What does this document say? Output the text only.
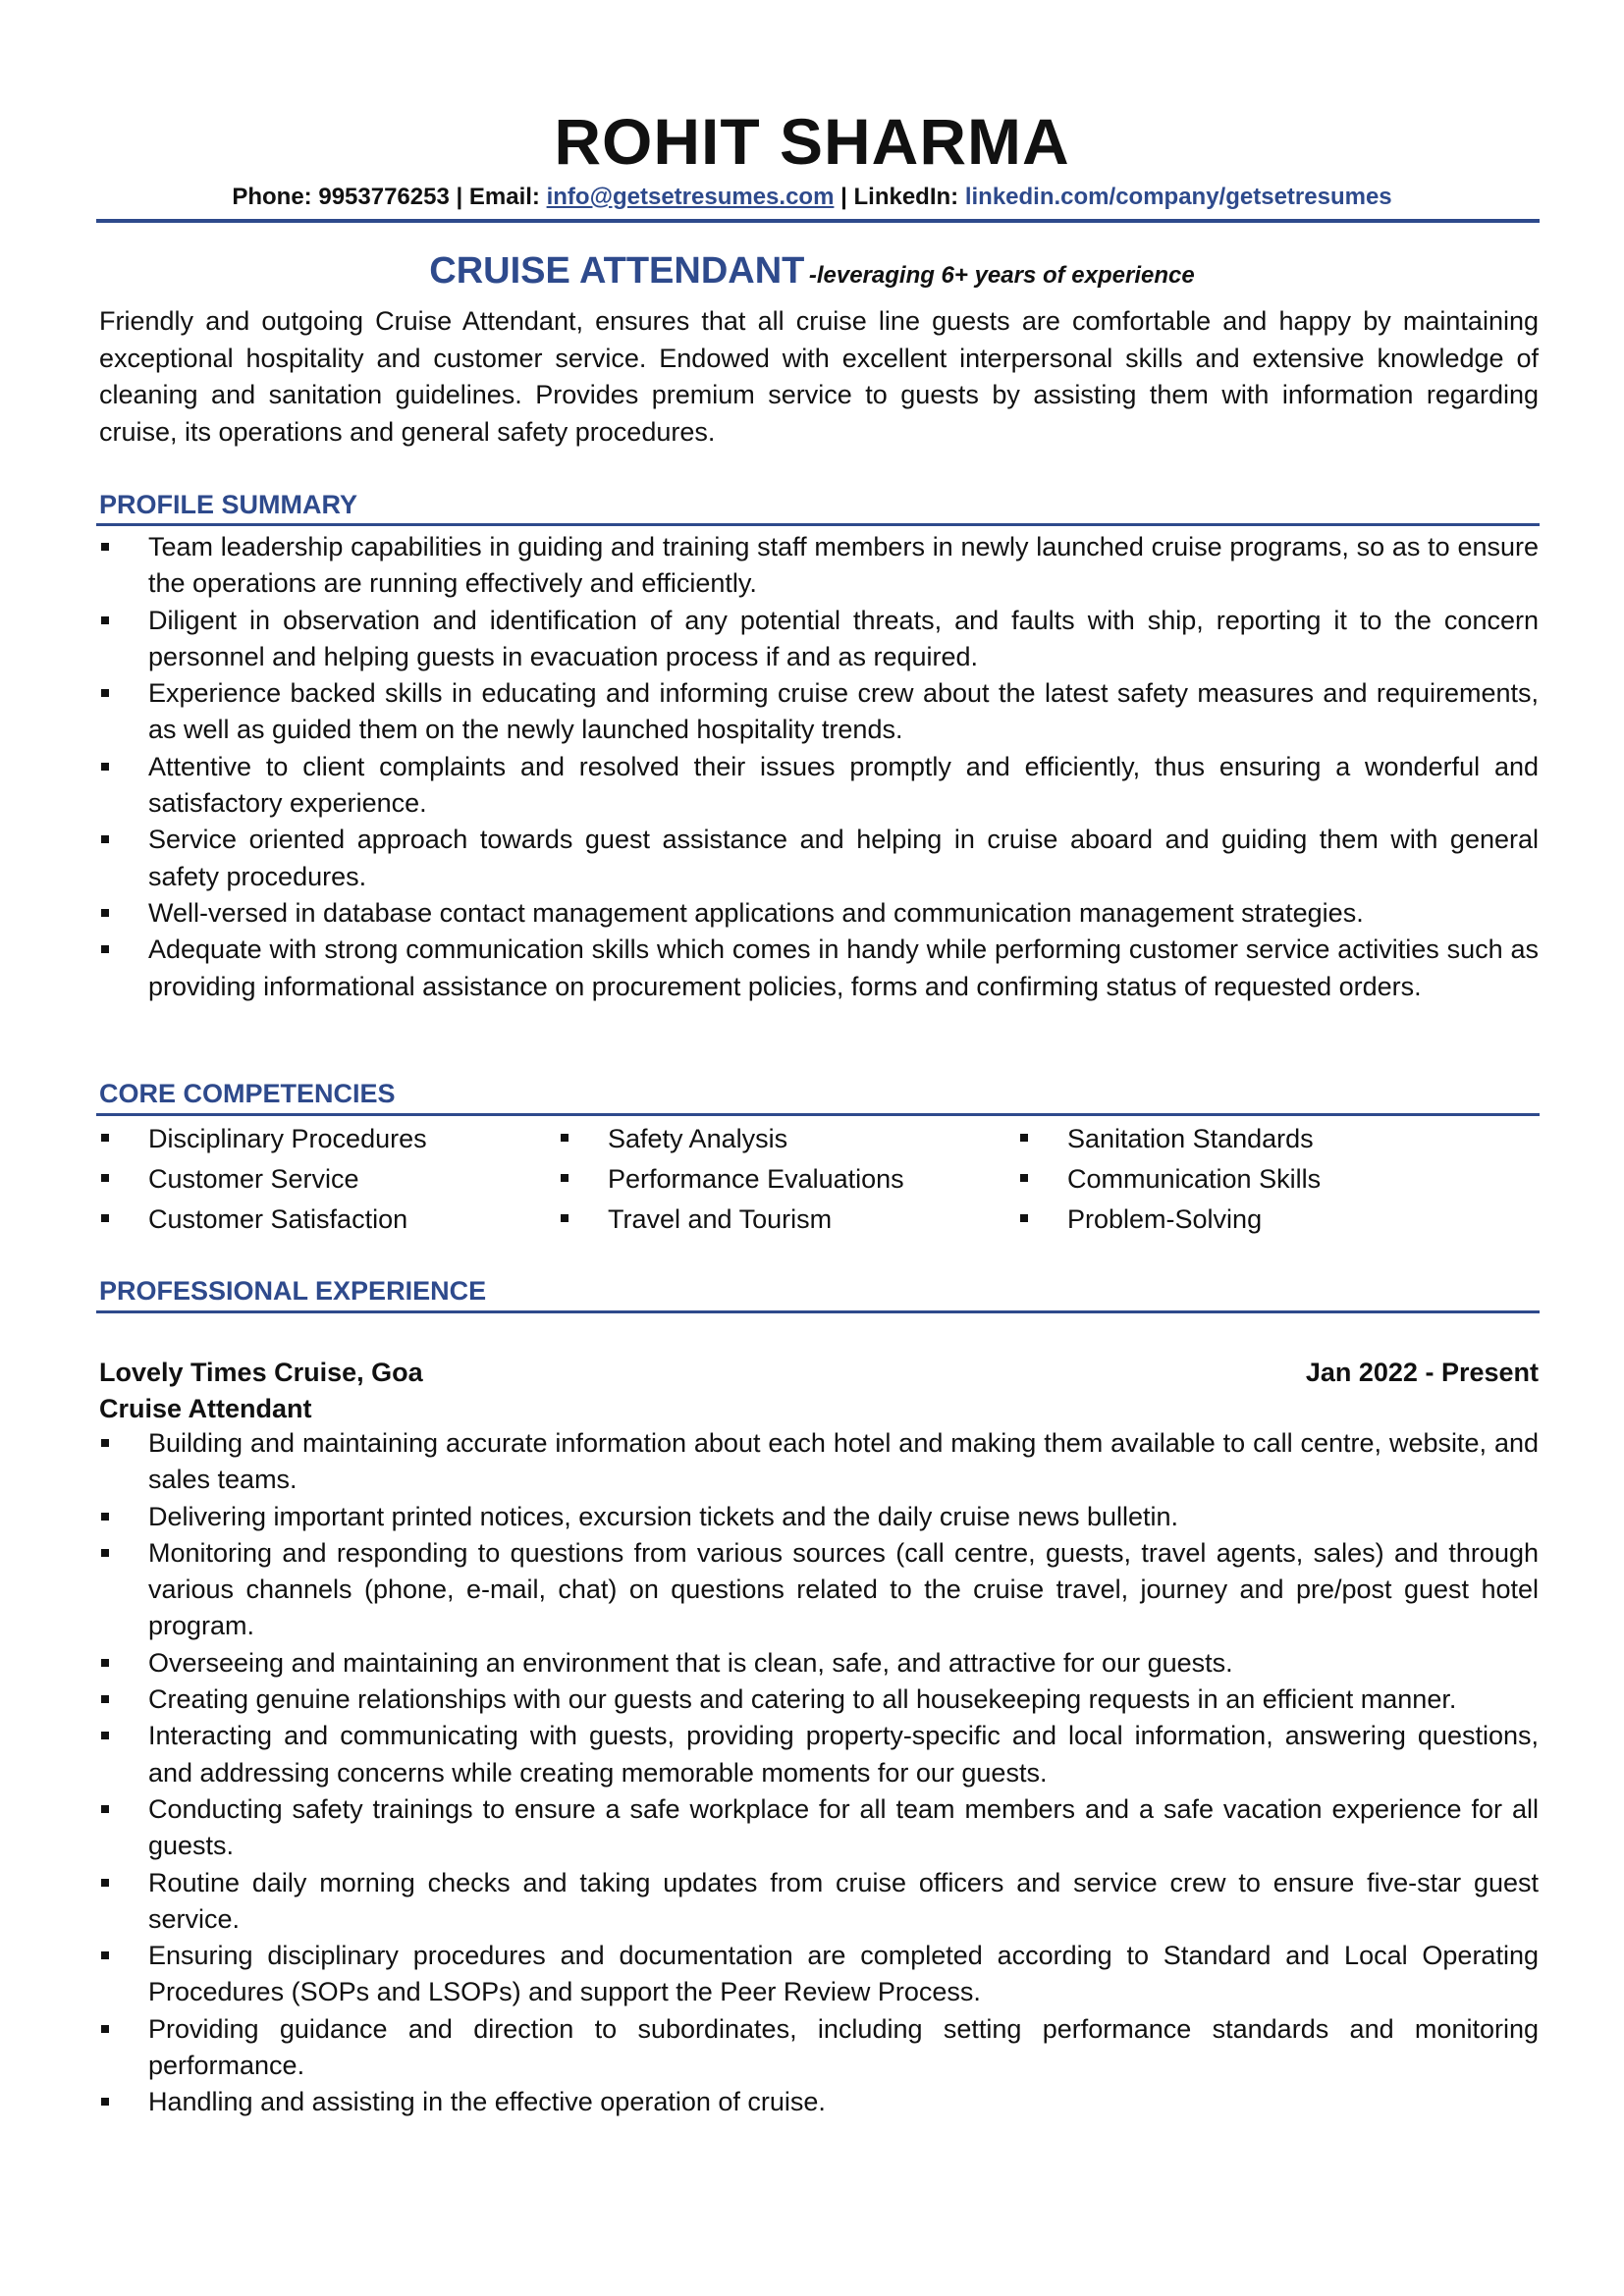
ROHIT SHARMA
Phone: 9953776253 | Email: info@getsetresumes.com | LinkedIn: linkedin.com/company/getsetresumes
CRUISE ATTENDANT -leveraging 6+ years of experience

Friendly and outgoing Cruise Attendant, ensures that all cruise line guests are comfortable and happy by maintaining exceptional hospitality and customer service. Endowed with excellent interpersonal skills and extensive knowledge of cleaning and sanitation guidelines. Provides premium service to guests by assisting them with information regarding cruise, its operations and general safety procedures.

PROFILE SUMMARY
Team leadership capabilities in guiding and training staff members in newly launched cruise programs, so as to ensure the operations are running effectively and efficiently.
Diligent in observation and identification of any potential threats, and faults with ship, reporting it to the concern personnel and helping guests in evacuation process if and as required.
Experience backed skills in educating and informing cruise crew about the latest safety measures and requirements, as well as guided them on the newly launched hospitality trends.
Attentive to client complaints and resolved their issues promptly and efficiently, thus ensuring a wonderful and satisfactory experience.
Service oriented approach towards guest assistance and helping in cruise aboard and guiding them with general safety procedures.
Well-versed in database contact management applications and communication management strategies.
Adequate with strong communication skills which comes in handy while performing customer service activities such as providing informational assistance on procurement policies, forms and confirming status of requested orders.
CORE COMPETENCIES
Disciplinary Procedures	Safety Analysis	Sanitation Standards
Customer Service	Performance Evaluations	Communication Skills
Customer Satisfaction	Travel and Tourism	Problem-Solving
PROFESSIONAL EXPERIENCE
Lovely Times Cruise, Goa	Jan 2022 - Present
Cruise Attendant
Building and maintaining accurate information about each hotel and making them available to call centre, website, and sales teams.
Delivering important printed notices, excursion tickets and the daily cruise news bulletin.
Monitoring and responding to questions from various sources (call centre, guests, travel agents, sales) and through various channels (phone, e-mail, chat) on questions related to the cruise travel, journey and pre/post guest hotel program.
Overseeing and maintaining an environment that is clean, safe, and attractive for our guests.
Creating genuine relationships with our guests and catering to all housekeeping requests in an efficient manner.
Interacting and communicating with guests, providing property-specific and local information, answering questions, and addressing concerns while creating memorable moments for our guests.
Conducting safety trainings to ensure a safe workplace for all team members and a safe vacation experience for all guests.
Routine daily morning checks and taking updates from cruise officers and service crew to ensure five-star guest service.
Ensuring disciplinary procedures and documentation are completed according to Standard and Local Operating Procedures (SOPs and LSOPs) and support the Peer Review Process.
Providing guidance and direction to subordinates, including setting performance standards and monitoring performance.
Handling and assisting in the effective operation of cruise.
